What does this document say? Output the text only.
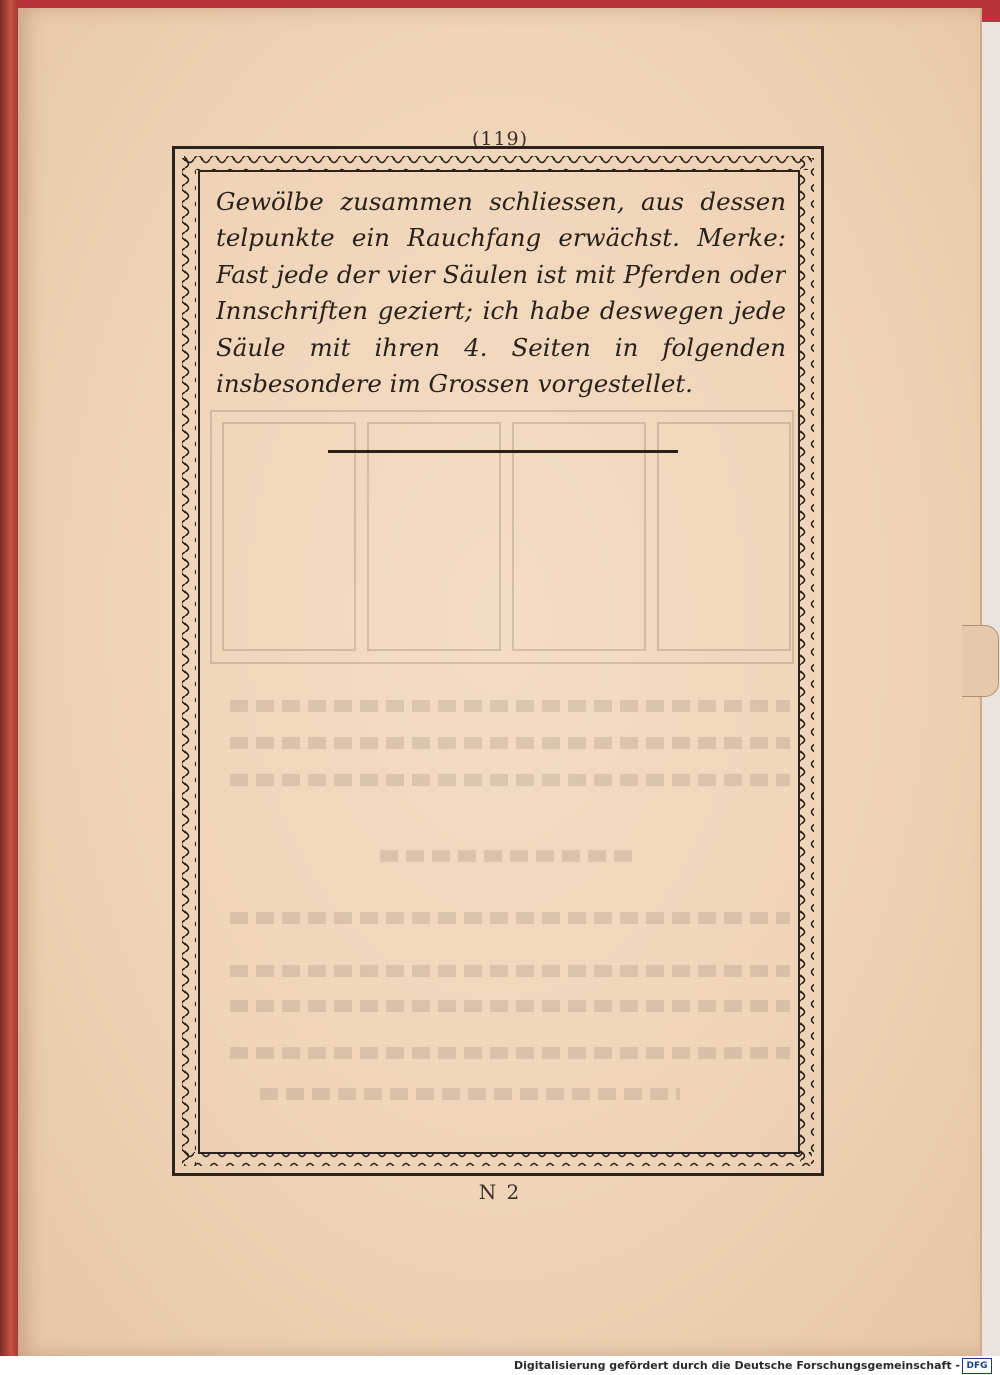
(119)
Gewölbe zusammen schliessen, aus dessen
telpunkte ein Rauchfang erwächst. Merke:
Fast jede der vier Säulen ist mit Pferden oder
Innschriften geziert; ich habe deswegen jede
Säule mit ihren 4. Seiten in folgenden
insbesondere im Grossen vorgestellet.
N 2
Digitalisierung gefördert durch die Deutsche Forschungsgemeinschaft - DFG
